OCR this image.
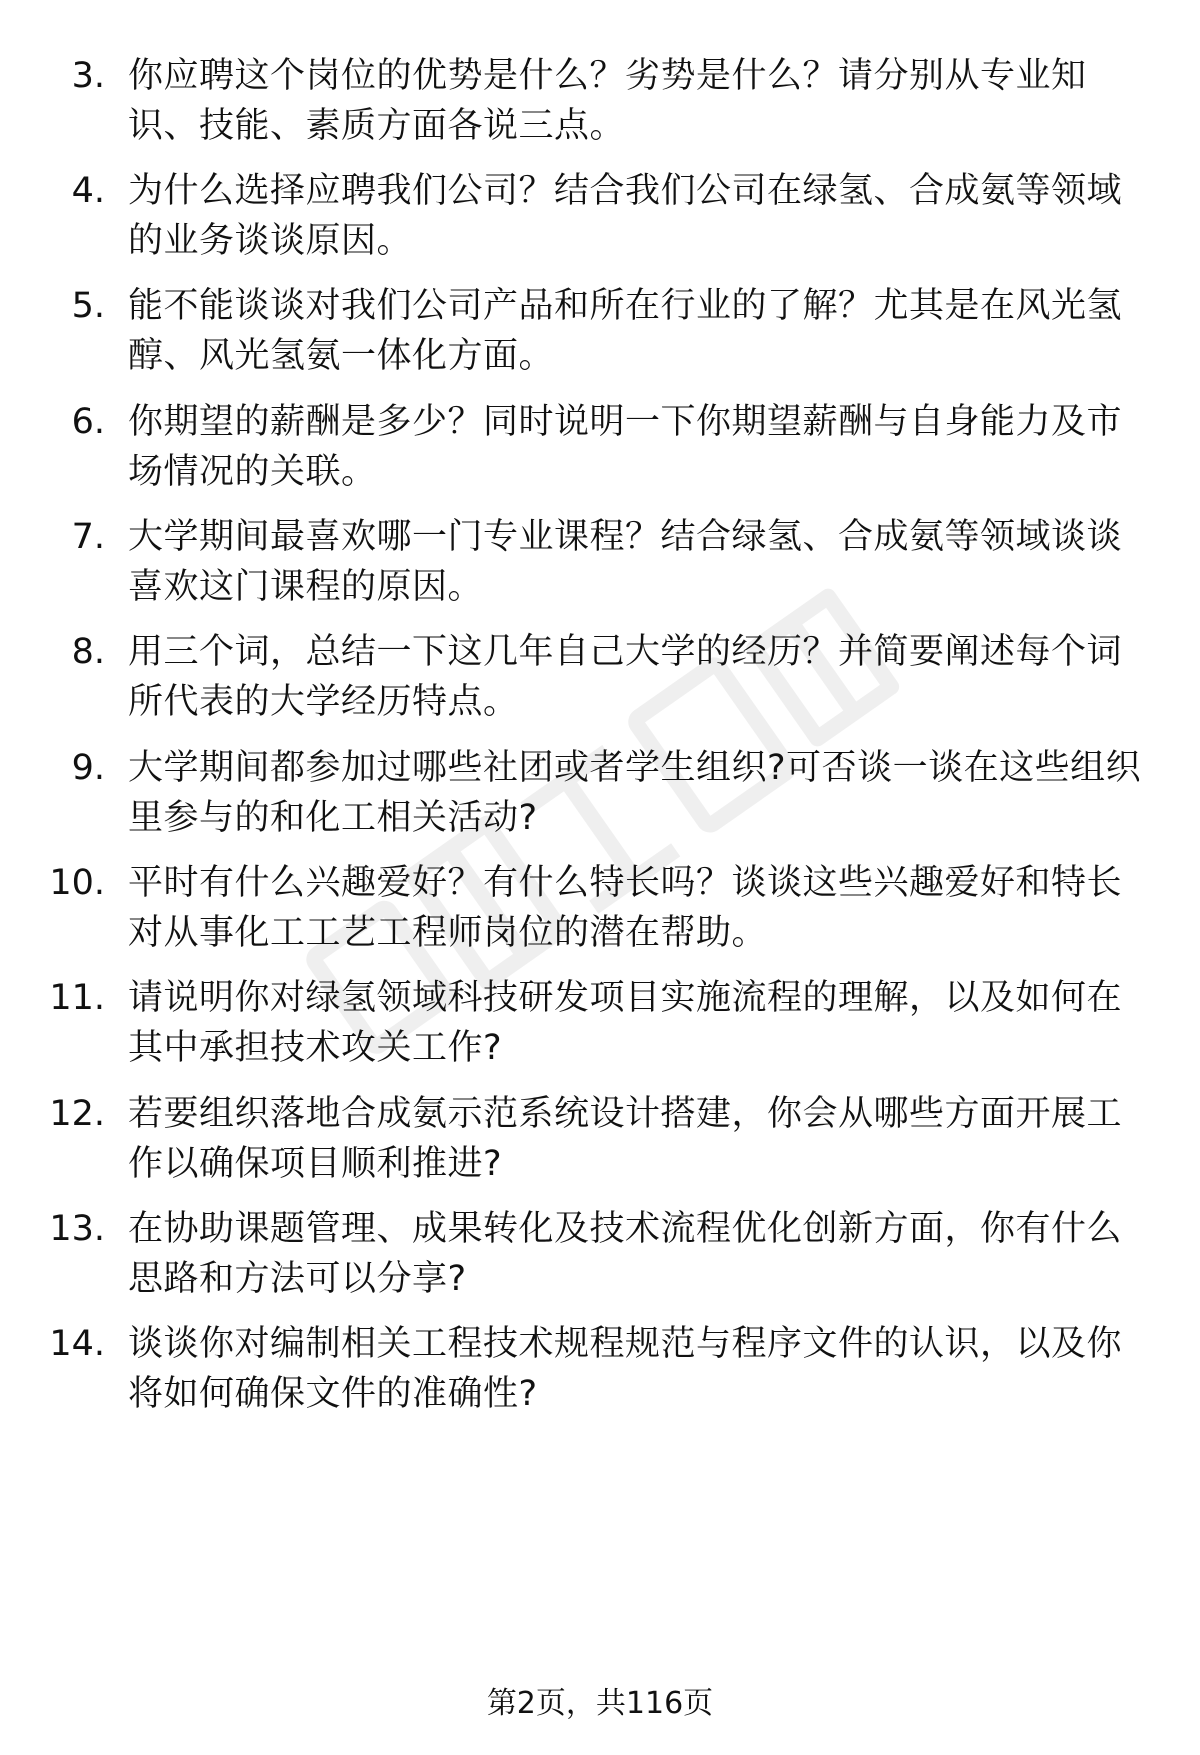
3. 你应聘这个岗位的优势是什么？劣势是什么？请分别从专业知
识、技能、素质方面各说三点。
4. 为什么选择应聘我们公司？结合我们公司在绿氢、合成氨等领域
的业务谈谈原因。
5. 能不能谈谈对我们公司产品和所在行业的了解？尤其是在风光氢
醇、风光氢氨一体化方面。
6. 你期望的薪酬是多少？同时说明一下你期望薪酬与自身能力及市
场情况的关联。
7. 大学期间最喜欢哪一门专业课程？结合绿氢、合成氨等领域谈谈
喜欢这门课程的原因。
8. 用三个词，总结一下这几年自己大学的经历？并简要阐述每个词
所代表的大学经历特点。
9. 大学期间都参加过哪些社团或者学生组织?可否谈一谈在这些组织
里参与的和化工相关活动?
10. 平时有什么兴趣爱好？有什么特长吗？谈谈这些兴趣爱好和特长
对从事化工工艺工程师岗位的潜在帮助。
11. 请说明你对绿氢领域科技研发项目实施流程的理解，以及如何在
其中承担技术攻关工作?
12. 若要组织落地合成氨示范系统设计搭建，你会从哪些方面开展工
作以确保项目顺利推进?
13. 在协助课题管理、成果转化及技术流程优化创新方面，你有什么
思路和方法可以分享?
14. 谈谈你对编制相关工程技术规程规范与程序文件的认识，以及你
将如何确保文件的准确性?
第2页，共116页
